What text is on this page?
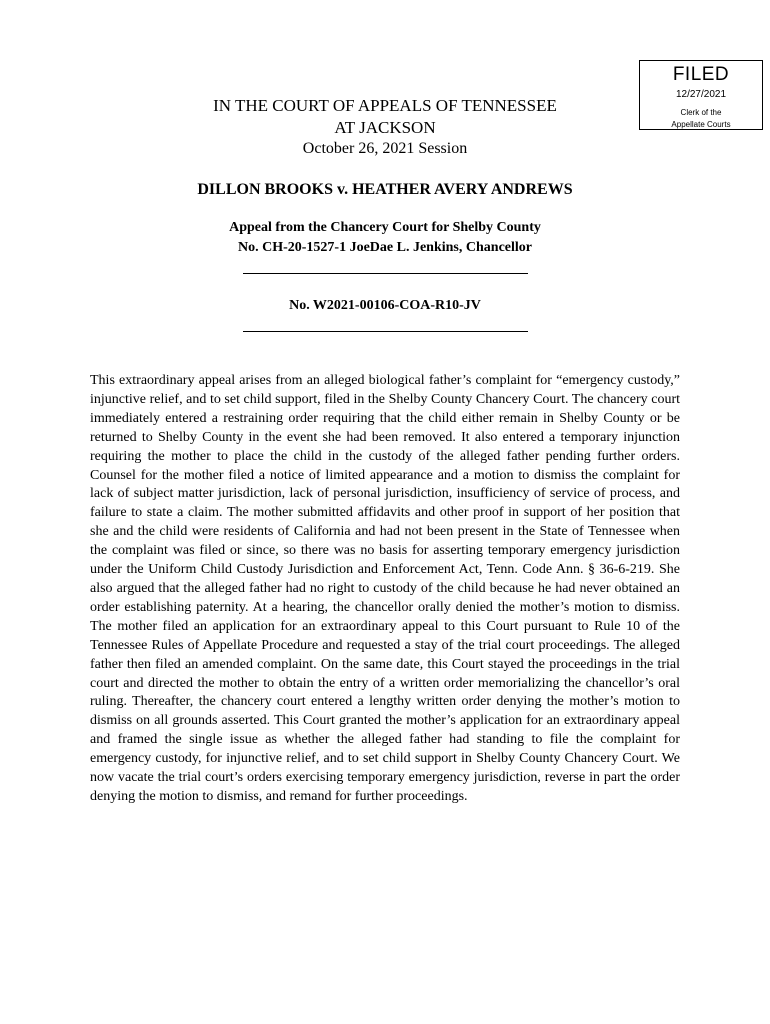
FILED
12/27/2021
Clerk of the
Appellate Courts
IN THE COURT OF APPEALS OF TENNESSEE
AT JACKSON
October 26, 2021 Session
DILLON BROOKS v. HEATHER AVERY ANDREWS
Appeal from the Chancery Court for Shelby County
No. CH-20-1527-1 JoeDae L. Jenkins, Chancellor
No. W2021-00106-COA-R10-JV

This extraordinary appeal arises from an alleged biological father’s complaint for “emergency custody,” injunctive relief, and to set child support, filed in the Shelby County Chancery Court. The chancery court immediately entered a restraining order requiring that the child either remain in Shelby County or be returned to Shelby County in the event she had been removed. It also entered a temporary injunction requiring the mother to place the child in the custody of the alleged father pending further orders. Counsel for the mother filed a notice of limited appearance and a motion to dismiss the complaint for lack of subject matter jurisdiction, lack of personal jurisdiction, insufficiency of service of process, and failure to state a claim. The mother submitted affidavits and other proof in support of her position that she and the child were residents of California and had not been present in the State of Tennessee when the complaint was filed or since, so there was no basis for asserting temporary emergency jurisdiction under the Uniform Child Custody Jurisdiction and Enforcement Act, Tenn. Code Ann. § 36-6-219. She also argued that the alleged father had no right to custody of the child because he had never obtained an order establishing paternity. At a hearing, the chancellor orally denied the mother’s motion to dismiss. The mother filed an application for an extraordinary appeal to this Court pursuant to Rule 10 of the Tennessee Rules of Appellate Procedure and requested a stay of the trial court proceedings. The alleged father then filed an amended complaint. On the same date, this Court stayed the proceedings in the trial court and directed the mother to obtain the entry of a written order memorializing the chancellor’s oral ruling. Thereafter, the chancery court entered a lengthy written order denying the mother’s motion to dismiss on all grounds asserted. This Court granted the mother’s application for an extraordinary appeal and framed the single issue as whether the alleged father had standing to file the complaint for emergency custody, for injunctive relief, and to set child support in Shelby County Chancery Court. We now vacate the trial court’s orders exercising temporary emergency jurisdiction, reverse in part the order denying the motion to dismiss, and remand for further proceedings.
